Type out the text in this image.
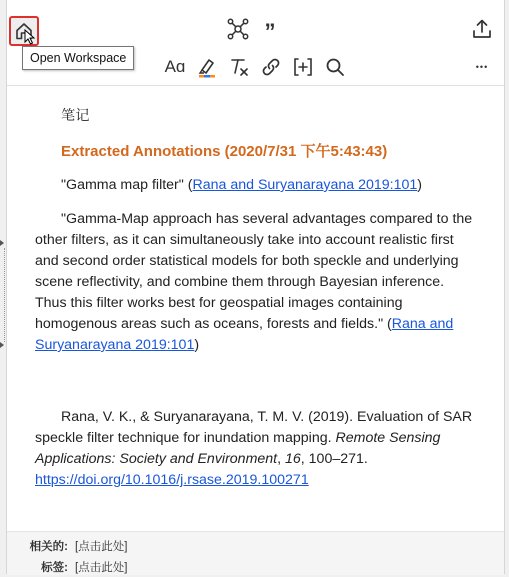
”
Aɑ	•••

笔记

Extracted Annotations (2020/7/31 下午5:43:43)

"Gamma map filter" (Rana and Suryanarayana 2019:101)

"Gamma-Map approach has several advantages compared to the other filters, as it can simultaneously take into account realistic first and second order statistical models for both speckle and underlying scene reflectivity, and combine them through Bayesian inference. Thus this filter works best for geospatial images containing homogenous areas such as oceans, forests and fields." (Rana and Suryanarayana 2019:101)

Rana, V. K., & Suryanarayana, T. M. V. (2019). Evaluation of SAR speckle filter technique for inundation mapping. Remote Sensing Applications: Society and Environment, 16, 100–271. https://doi.org/10.1016/j.rsase.2019.100271

相关的: [点击此处]
标签: [点击此处]
Open Workspace
